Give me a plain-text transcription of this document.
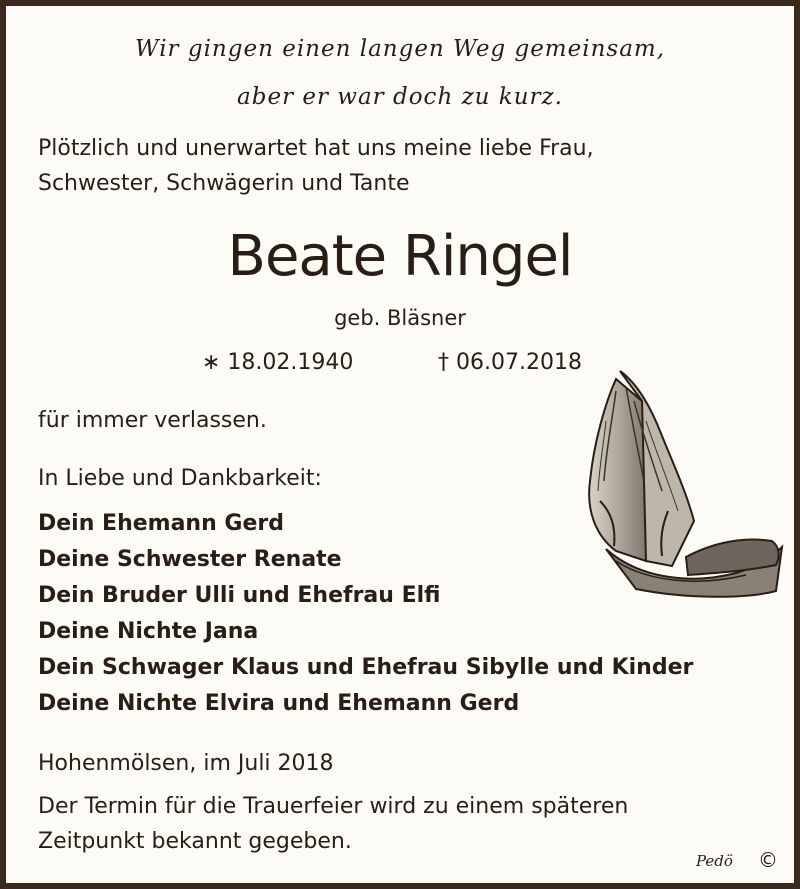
Wir gingen einen langen Weg gemeinsam,
aber er war doch zu kurz.
Plötzlich und unerwartet hat uns meine liebe Frau,
Schwester, Schwägerin und Tante
Beate Ringel
geb. Bläsner
∗ 18.02.1940	† 06.07.2018
für immer verlassen.
In Liebe und Dankbarkeit:
Dein Ehemann Gerd
Deine Schwester Renate
Dein Bruder Ulli und Ehefrau Elfi
Deine Nichte Jana
Dein Schwager Klaus und Ehefrau Sibylle und Kinder
Deine Nichte Elvira und Ehemann Gerd
Hohenmölsen, im Juli 2018
Der Termin für die Trauerfeier wird zu einem späteren
Zeitpunkt bekannt gegeben.
Pedö ©
